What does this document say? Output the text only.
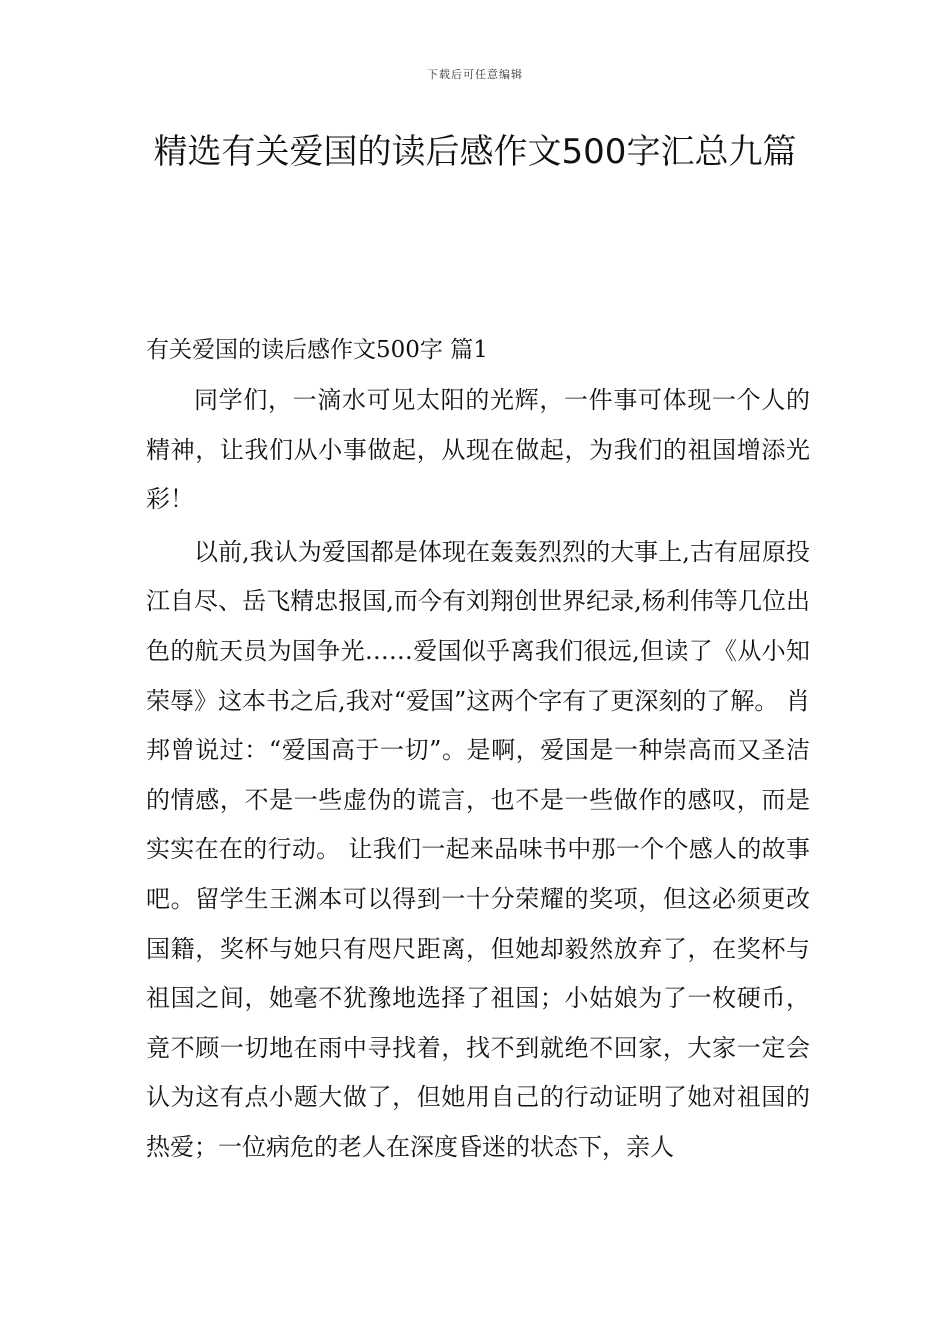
下载后可任意编辑
精选有关爱国的读后感作文500字汇总九篇
有关爱国的读后感作文500字 篇1

同学们，一滴水可见太阳的光辉，一件事可体现一个人的精神，让我们从小事做起，从现在做起，为我们的祖国增添光彩！

以前,我认为爱国都是体现在轰轰烈烈的大事上,古有屈原投江自尽、岳飞精忠报国,而今有刘翔创世界纪录,杨利伟等几位出色的航天员为国争光……爱国似乎离我们很远,但读了《从小知荣辱》这本书之后,我对“爱国”这两个字有了更深刻的了解。 肖邦曾说过：“爱国高于一切”。是啊，爱国是一种崇高而又圣洁的情感，不是一些虚伪的谎言，也不是一些做作的感叹，而是实实在在的行动。 让我们一起来品味书中那一个个感人的故事吧。留学生王渊本可以得到一十分荣耀的奖项，但这必须更改国籍，奖杯与她只有咫尺距离，但她却毅然放弃了，在奖杯与祖国之间，她毫不犹豫地选择了祖国；小姑娘为了一枚硬币，竟不顾一切地在雨中寻找着，找不到就绝不回家，大家一定会认为这有点小题大做了，但她用自己的行动证明了她对祖国的热爱；一位病危的老人在深度昏迷的状态下，亲人
